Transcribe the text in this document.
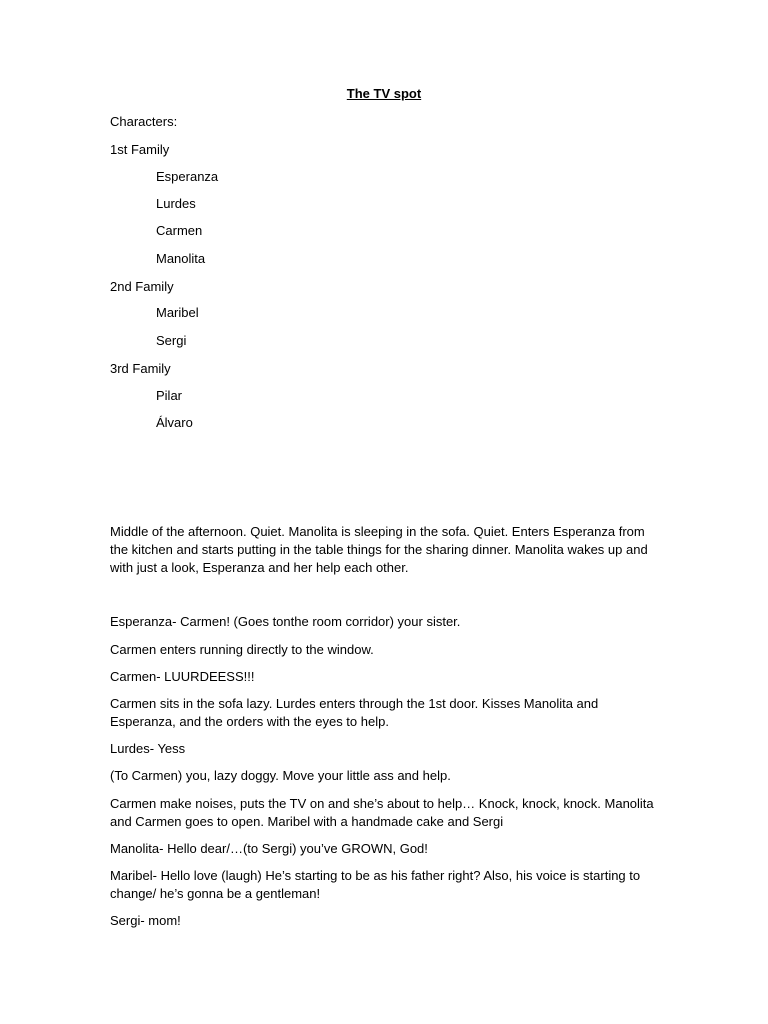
The TV spot
Characters:
1st Family
Esperanza
Lurdes
Carmen
Manolita
2nd Family
Maribel
Sergi
3rd Family
Pilar
Álvaro
Middle of the afternoon. Quiet. Manolita is sleeping in the sofa. Quiet. Enters Esperanza from the kitchen and starts putting in the table things for the sharing dinner. Manolita wakes up and with just a look, Esperanza and her help each other.
Esperanza- Carmen! (Goes tonthe room corridor) your sister.
Carmen enters running directly to the window.
Carmen- LUURDEESS!!!
Carmen sits in the sofa lazy. Lurdes enters through the 1st door. Kisses Manolita and Esperanza, and the orders with the eyes to help.
Lurdes- Yess
(To Carmen) you, lazy doggy. Move your little ass and help.
Carmen make noises, puts the TV on and she’s about to help… Knock, knock, knock. Manolita and Carmen goes to open. Maribel with a handmade cake and Sergi
Manolita- Hello dear/…(to Sergi) you’ve GROWN, God!
Maribel- Hello love (laugh) He’s starting to be as his father right? Also, his voice is starting to change/ he’s gonna be a gentleman!
Sergi- mom!
